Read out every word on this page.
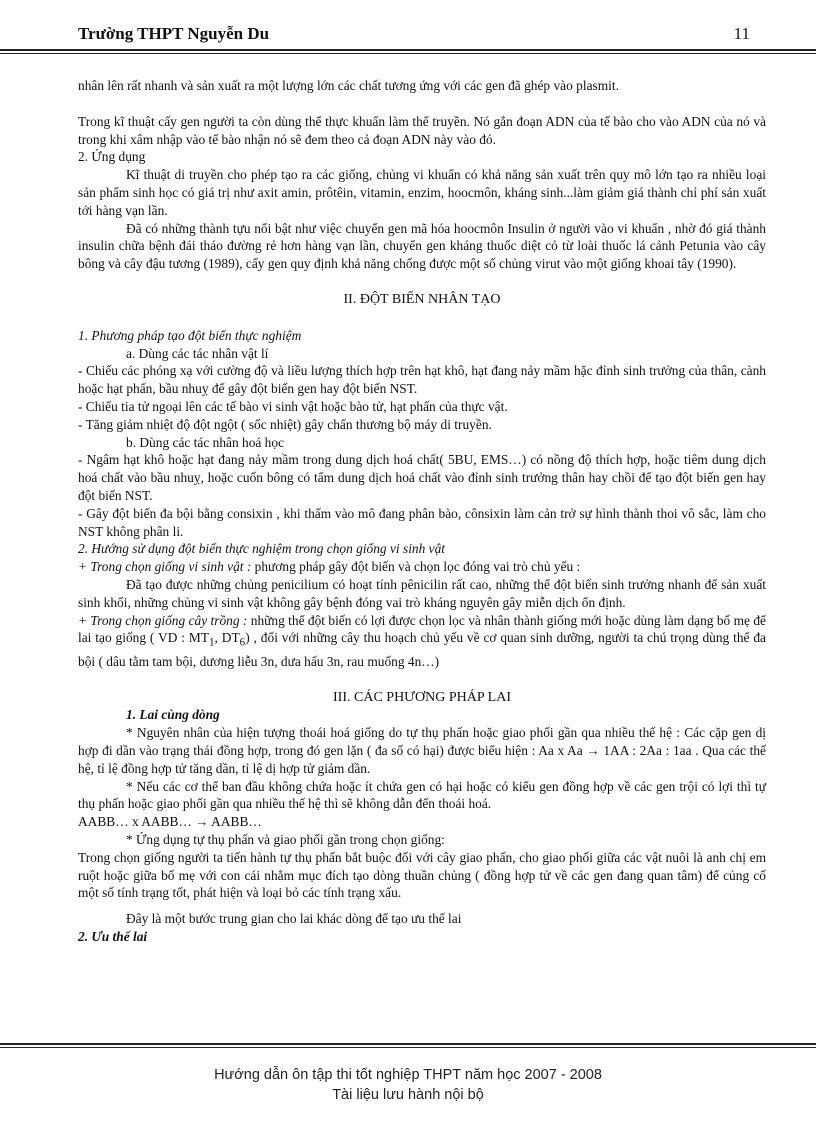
Trường THPT Nguyễn Du	11

nhân lên rất nhanh và sản xuất ra một lượng lớn các chất tương ứng với các gen đã ghép vào plasmit.

Trong kĩ thuật cấy gen người ta còn dùng thể thực khuẩn làm thể truyền. Nó gắn đoạn ADN của tế bào cho vào ADN của nó và trong khi xâm nhập vào tế bào nhận nó sẽ đem theo cả đoạn ADN này vào đó.

2. Ứng dụng

Kĩ thuật di truyền cho phép tạo ra các giống, chủng vi khuẩn có khả năng sản xuất trên quy mô lớn tạo ra nhiều loại sản phẩm sinh học có giá trị như axit amin, prôtêin, vitamin, enzim, hoocmôn, kháng sinh...làm giảm giá thành chỉ phí sản xuất tới hàng vạn lần.

Đã có những thành tựu nổi bật như việc chuyển gen mã hóa hoocmôn Insulin ở người vào vi khuẩn , nhờ đó giá thành insulin chữa bệnh đái tháo đường rẻ hơn hàng vạn lần, chuyển gen kháng thuốc diệt cỏ từ loài thuốc lá cảnh Petunia vào cây bông và cây đậu tương (1989), cấy gen quy định khả năng chống được một số chủng virut vào một giống khoai tây (1990).

II. ĐỘT BIẾN NHÂN TẠO

1. Phương pháp tạo đột biến thực nghiệm

a. Dùng các tác nhân vật lí

- Chiếu các phóng xạ với cường độ và liều lượng thích hợp trên hạt khô, hạt đang nảy mầm hặc đỉnh sinh trưởng của thân, cành hoặc hạt phấn, bầu nhuỵ để gây đột biến gen hay đột biến NST.

- Chiếu tia tử ngoại lên các tế bào vi sinh vật hoặc bào tử, hạt phấn của thực vật.

- Tăng giảm nhiệt độ đột ngột ( sốc nhiệt) gây chấn thương bộ máy di truyền.

b. Dùng các tác nhân hoá học

- Ngâm hạt khô hoặc hạt đang nảy mầm trong dung dịch hoá chất( 5BU, EMS…) có nồng độ thích hợp, hoặc tiêm dung dịch hoá chất vào bầu nhuỵ, hoặc cuốn bông có tẩm dung dịch hoá chất vào đỉnh sinh trưởng thân hay chồi để tạo đột biến gen hay đột biến NST.

- Gây đột biến đa bội bằng consixin , khi thấm vào mô đang phân bào, cônsixin làm cản trở sự hình thành thoi vô sắc, làm cho NST không phân li.

2. Hướng sử dụng đột biến thực nghiệm trong chọn giống vi sinh vật

+ Trong chọn giống vi sinh vật : phương pháp gây đột biến và chọn lọc đóng vai trò chủ yếu :

Đã tạo được những chủng penicilium có hoạt tính pênicilin rất cao, những thể đột biến sinh trưởng nhanh để sản xuất sinh khối, những chủng vi sinh vật không gây bệnh đóng vai trò kháng nguyên gây miễn dịch ổn định.

+ Trong chọn giống cây trồng : những thể đột biến có lợi được chọn lọc và nhân thành giống mới hoặc dùng làm dạng bố mẹ để lai tạo giống ( VD : $MT_1$, $DT_6$) , đối với những cây thu hoạch chủ yếu về cơ quan sinh dưỡng, người ta chú trọng dùng thể đa bội ( dâu tằm tam bội, dương liễu 3n, dưa hấu 3n, rau muống 4n…)

III. CÁC PHƯƠNG PHÁP LAI

1. Lai cùng dòng

* Nguyên nhân của hiện tượng thoái hoá giống do tự thụ phấn hoặc giao phối gần qua nhiều thế hệ : Các cặp gen dị hợp đi dần vào trạng thái đồng hợp, trong đó gen lặn ( đa số có hại) được biểu hiện : Aa x Aa → 1AA : 2Aa : 1aa . Qua các thế hệ, tỉ lệ đồng hợp tử tăng dần, tỉ lệ dị hợp tử giảm dần.

* Nếu các cơ thể ban đầu không chứa hoặc ít chứa gen có hại hoặc có kiểu gen đồng hợp về các gen trội có lợi thì tự thụ phấn hoặc giao phối gần qua nhiều thế hệ thì sẽ không dẫn đến thoái hoá.

AABB… x AABB… → AABB…

* Ứng dụng tự thụ phấn và giao phối gần trong chọn giống:

Trong chọn giống người ta tiến hành tự thụ phấn bắt buộc đối với cây giao phấn, cho giao phối giữa các vật nuôi là anh chị em ruột hoặc giữa bố mẹ với con cái nhằm mục đích tạo dòng thuần chủng ( đồng hợp tử về các gen đang quan tâm) để củng cố một số tính trạng tốt, phát hiện và loại bỏ các tính trạng xấu.

Đây là một bước trung gian cho lai khác dòng để tạo ưu thế lai

2. Ưu thế lai

Hướng dẫn ôn tập thi tốt nghiệp THPT năm học 2007 - 2008
Tài liệu lưu hành nội bộ
